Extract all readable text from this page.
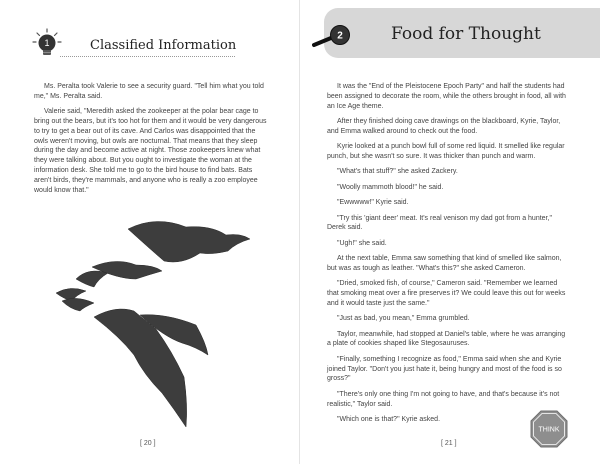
1	Classified Information

Ms. Peralta took Valerie to see a security guard. "Tell him what you told me," Ms. Peralta said.

Valerie said, "Meredith asked the zookeeper at the polar bear cage to bring out the bears, but it's too hot for them and it would be very dangerous to try to get a bear out of its cave. And Carlos was disappointed that the owls weren't moving, but owls are nocturnal. That means that they sleep during the day and become active at night. Those zookeepers knew what they were talking about. But you ought to investigate the woman at the information desk. She told me to go to the bird house to find bats. Bats aren't birds, they're mammals, and anyone who is really a zoo employee would know that."

[ 20 ]
2	Food for Thought

It was the "End of the Pleistocene Epoch Party" and half the students had been assigned to decorate the room, while the others brought in food, all with an Ice Age theme.

After they finished doing cave drawings on the blackboard, Kyrie, Taylor, and Emma walked around to check out the food.

Kyrie looked at a punch bowl full of some red liquid. It smelled like regular punch, but she wasn't so sure. It was thicker than punch and warm.

"What's that stuff?" she asked Zackery.

"Woolly mammoth blood!" he said.

"Ewwwww!" Kyrie said.

"Try this 'giant deer' meat. It's real venison my dad got from a hunter," Derek said.

"Ugh!" she said.

At the next table, Emma saw something that kind of smelled like salmon, but was as tough as leather. "What's this?" she asked Cameron.

"Dried, smoked fish, of course," Cameron said. "Remember we learned that smoking meat over a fire preserves it? We could leave this out for weeks and it would taste just the same."

"Just as bad, you mean," Emma grumbled.

Taylor, meanwhile, had stopped at Daniel's table, where he was arranging a plate of cookies shaped like Stegosauruses.

"Finally, something I recognize as food," Emma said when she and Kyrie joined Taylor. "Don't you just hate it, being hungry and most of the food is so gross?"

"There's only one thing I'm not going to have, and that's because it's not realistic," Taylor said.

"Which one is that?" Kyrie asked.

[ 21 ]
THINK
